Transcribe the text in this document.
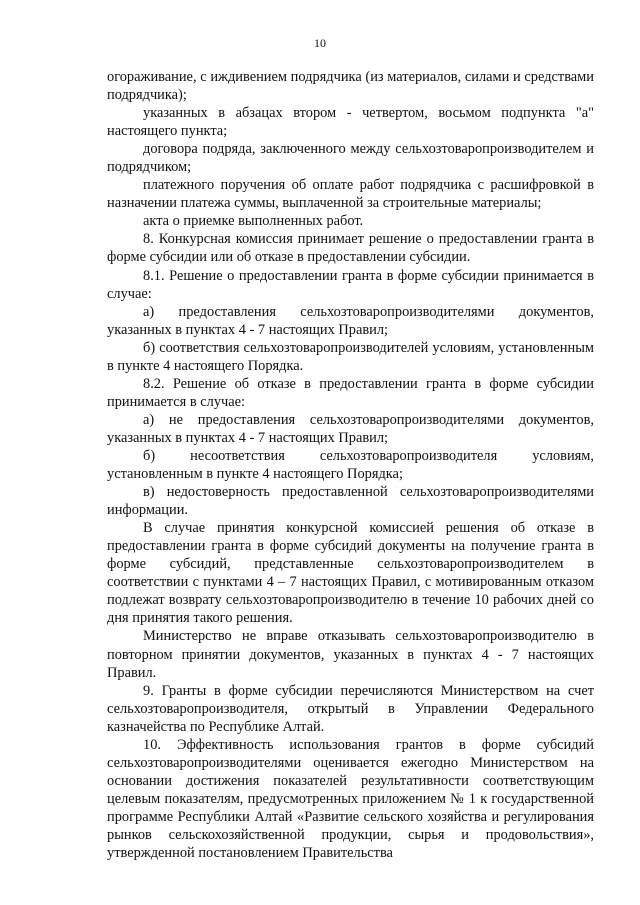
10

огораживание, с иждивением подрядчика (из материалов, силами и средствами подрядчика);

указанных в абзацах втором - четвертом, восьмом подпункта "а" настоящего пункта;

договора подряда, заключенного между сельхозтоваропроизводителем и подрядчиком;

платежного поручения об оплате работ подрядчика с расшифровкой в назначении платежа суммы, выплаченной за строительные материалы;

акта о приемке выполненных работ.

8. Конкурсная комиссия принимает решение о предоставлении гранта в форме субсидии или об отказе в предоставлении субсидии.

8.1. Решение о предоставлении гранта в форме субсидии принимается в случае:

а) предоставления сельхозтоваропроизводителями документов, указанных в пунктах 4 - 7 настоящих Правил;

б) соответствия сельхозтоваропроизводителей условиям, установленным в пункте 4 настоящего Порядка.

8.2. Решение об отказе в предоставлении гранта в форме субсидии принимается в случае:

а) не предоставления сельхозтоваропроизводителями документов, указанных в пунктах 4 - 7 настоящих Правил;

б) несоответствия сельхозтоваропроизводителя условиям, установленным в пункте 4 настоящего Порядка;

в) недостоверность предоставленной сельхозтоваропроизводителями информации.

В случае принятия конкурсной комиссией решения об отказе в предоставлении гранта в форме субсидий документы на получение гранта в форме субсидий, представленные сельхозтоваропроизводителем в соответствии с пунктами 4 – 7 настоящих Правил, с мотивированным отказом подлежат возврату сельхозтоваропроизводителю в течение 10 рабочих дней со дня принятия такого решения.

Министерство не вправе отказывать сельхозтоваропроизводителю в повторном принятии документов, указанных в пунктах 4 - 7 настоящих Правил.

9. Гранты в форме субсидии перечисляются Министерством на счет сельхозтоваропроизводителя, открытый в Управлении Федерального казначейства по Республике Алтай.

10. Эффективность использования грантов в форме субсидий сельхозтоваропроизводителями оценивается ежегодно Министерством на основании достижения показателей результативности соответствующим целевым показателям, предусмотренных приложением № 1 к государственной программе Республики Алтай «Развитие сельского хозяйства и регулирования рынков сельскохозяйственной продукции, сырья и продовольствия», утвержденной постановлением Правительства
